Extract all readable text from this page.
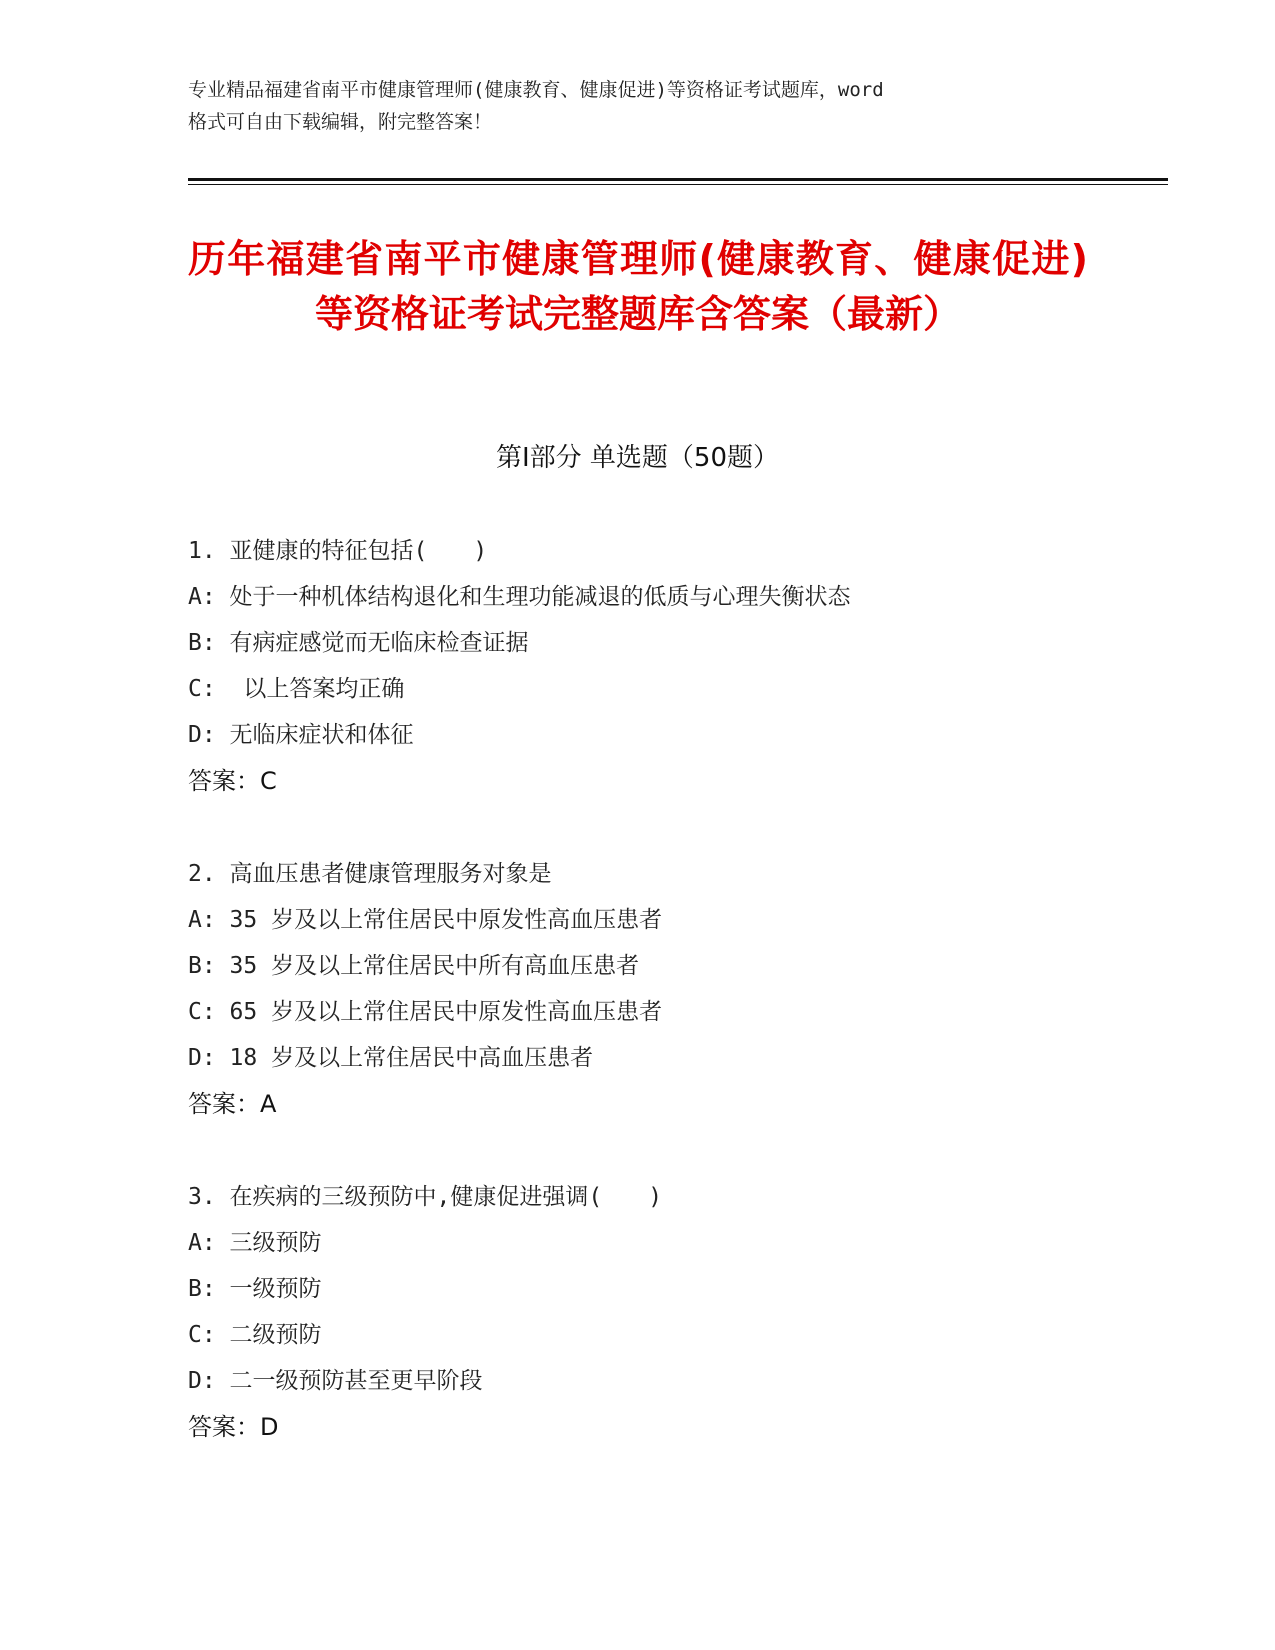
专业精品福建省南平市健康管理师(健康教育、健康促进)等资格证考试题库，word
格式可自由下载编辑，附完整答案！
历年福建省南平市健康管理师(健康教育、健康促进)等资格证考试完整题库含答案（最新）
第Ⅰ部分 单选题（50题）
1. 亚健康的特征包括(　　)
A: 处于一种机体结构退化和生理功能减退的低质与心理失衡状态
B: 有病症感觉而无临床检查证据
C:  以上答案均正确
D: 无临床症状和体征
答案：C
2. 高血压患者健康管理服务对象是
A: 35 岁及以上常住居民中原发性高血压患者
B: 35 岁及以上常住居民中所有高血压患者
C: 65 岁及以上常住居民中原发性高血压患者
D: 18 岁及以上常住居民中高血压患者
答案：A
3. 在疾病的三级预防中,健康促进强调(　　)
A: 三级预防
B: 一级预防
C: 二级预防
D: 二一级预防甚至更早阶段
答案：D
